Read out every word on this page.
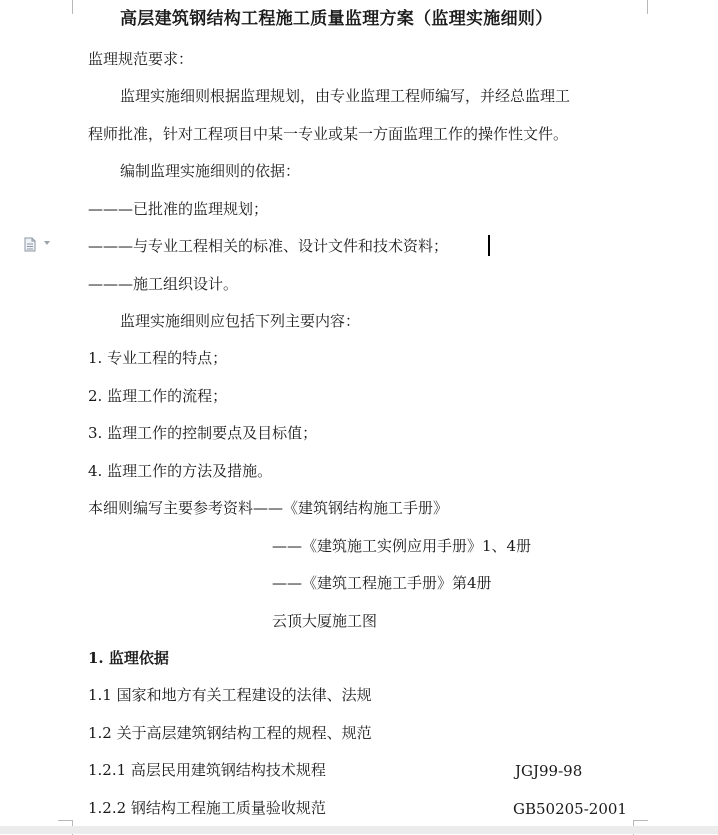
高层建筑钢结构工程施工质量监理方案（监理实施细则）
监理规范要求：
监理实施细则根据监理规划，由专业监理工程师编写，并经总监理工
程师批准，针对工程项目中某一专业或某一方面监理工作的操作性文件。
编制监理实施细则的依据：
———已批准的监理规划；
———与专业工程相关的标准、设计文件和技术资料；
———施工组织设计。
监理实施细则应包括下列主要内容：
1. 专业工程的特点；
2. 监理工作的流程；
3. 监理工作的控制要点及目标值；
4. 监理工作的方法及措施。
本细则编写主要参考资料——《建筑钢结构施工手册》
——《建筑施工实例应用手册》1、4册
——《建筑工程施工手册》第4册
云顶大厦施工图
1. 监理依据
1.1 国家和地方有关工程建设的法律、法规
1.2 关于高层建筑钢结构工程的规程、规范
1.2.1 高层民用建筑钢结构技术规程	JGJ99-98
1.2.2 钢结构工程施工质量验收规范	GB50205-2001
